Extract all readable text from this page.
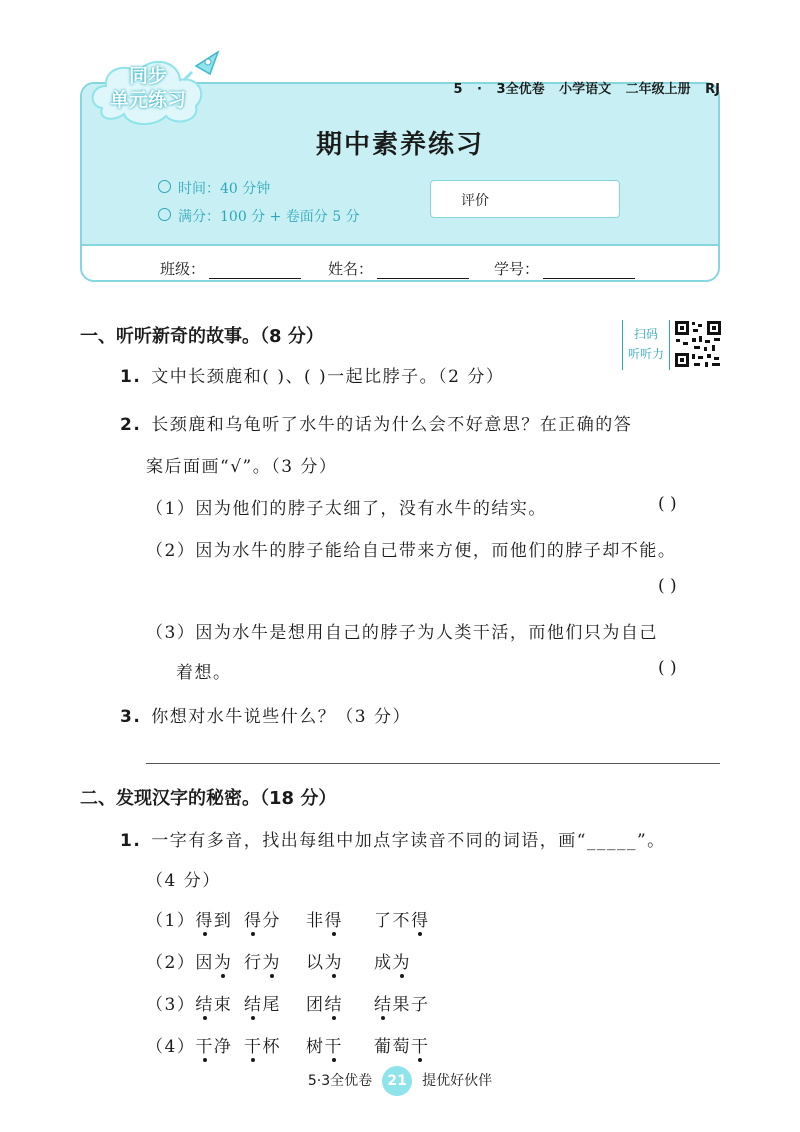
同步
单元练习	5 · 3全优卷 小学语文 二年级上册 RJ
期中素养练习
时间：40 分钟
满分：100 分 + 卷面分 5 分
评价
班级：	姓名：	学号：
一、听听新奇的故事。（8 分）	扫码
听听力
1. 文中长颈鹿和( )、( )一起比脖子。（2 分）
2. 长颈鹿和乌龟听了水牛的话为什么会不好意思？在正确的答
案后面画“√”。（3 分）
（1）因为他们的脖子太细了，没有水牛的结实。	( )
（2）因为水牛的脖子能给自己带来方便，而他们的脖子却不能。
( )
（3）因为水牛是想用自己的脖子为人类干活，而他们只为自己
着想。	( )
3. 你想对水牛说些什么？（3 分）
二、发现汉字的秘密。（18 分）
1. 一字有多音，找出每组中加点字读音不同的词语，画“_____”。
（4 分）
（1）得到 得分 非得 了不得
（2）因为 行为 以为 成为
（3）结束 结尾 团结 结果子
（4）干净 干杯 树干 葡萄干
5·3全优卷 21 提优好伙伴
